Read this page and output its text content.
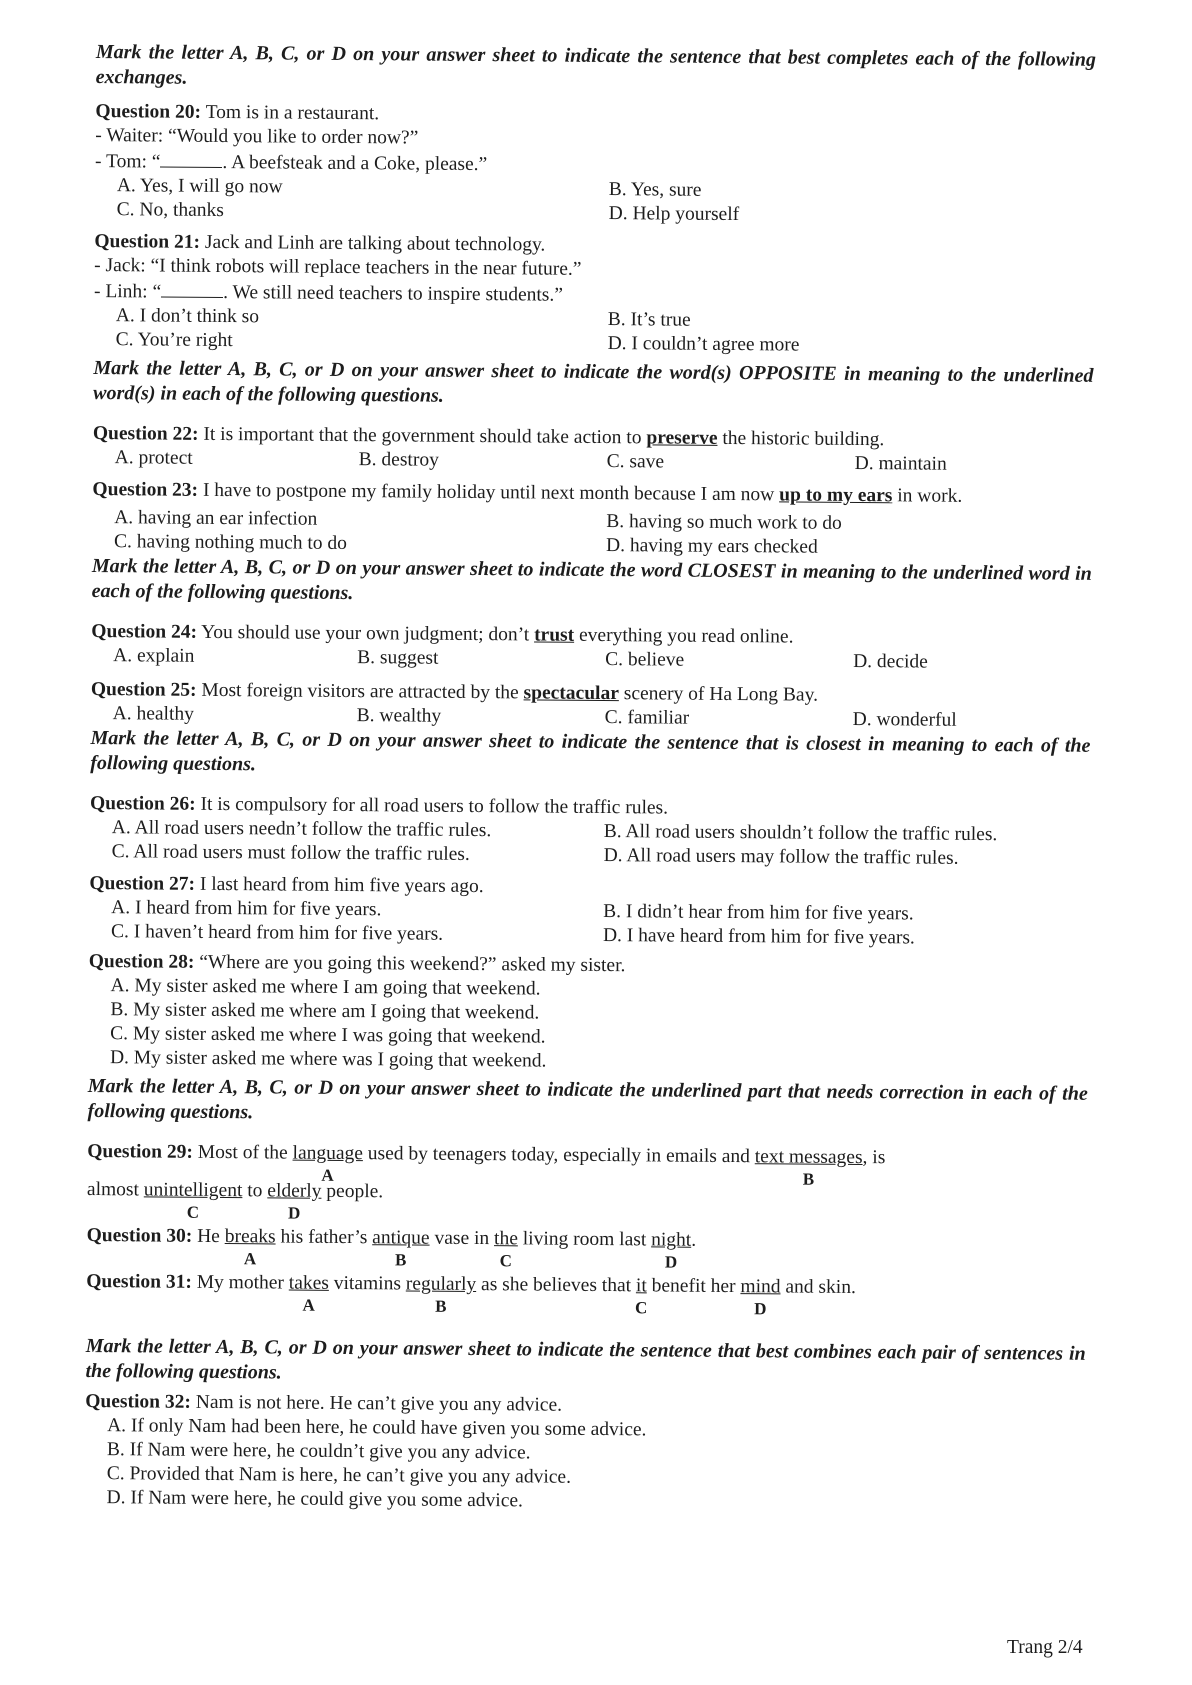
Mark the letter A, B, C, or D on your answer sheet to indicate the sentence that best completes each of the following exchanges.

Question 20: Tom is in a restaurant.
- Waiter: “Would you like to order now?”
- Tom: “	. A beefsteak and a Coke, please.”
A. Yes, I will go now	B. Yes, sure
C. No, thanks	D. Help yourself
Question 21: Jack and Linh are talking about technology.
- Jack: “I think robots will replace teachers in the near future.”
- Linh: “	. We still need teachers to inspire students.”
A. I don’t think so	B. It’s true
C. You’re right	D. I couldn’t agree more

Mark the letter A, B, C, or D on your answer sheet to indicate the word(s) OPPOSITE in meaning to the underlined word(s) in each of the following questions.

Question 22: It is important that the government should take action to preserve the historic building.
A. protect	B. destroy	C. save	D. maintain
Question 23: I have to postpone my family holiday until next month because I am now up to my ears in work.
A. having an ear infection	B. having so much work to do
C. having nothing much to do	D. having my ears checked

Mark the letter A, B, C, or D on your answer sheet to indicate the word CLOSEST in meaning to the underlined word in each of the following questions.

Question 24: You should use your own judgment; don’t trust everything you read online.
A. explain	B. suggest	C. believe	D. decide
Question 25: Most foreign visitors are attracted by the spectacular scenery of Ha Long Bay.
A. healthy	B. wealthy	C. familiar	D. wonderful

Mark the letter A, B, C, or D on your answer sheet to indicate the sentence that is closest in meaning to each of the following questions.

Question 26: It is compulsory for all road users to follow the traffic rules.
A. All road users needn’t follow the traffic rules.	B. All road users shouldn’t follow the traffic rules.
C. All road users must follow the traffic rules.	D. All road users may follow the traffic rules.
Question 27: I last heard from him five years ago.
A. I heard from him for five years.	B. I didn’t hear from him for five years.
C. I haven’t heard from him for five years.	D. I have heard from him for five years.
Question 28: “Where are you going this weekend?” asked my sister.
A. My sister asked me where I am going that weekend.
B. My sister asked me where am I going that weekend.
C. My sister asked me where I was going that weekend.
D. My sister asked me where was I going that weekend.

Mark the letter A, B, C, or D on your answer sheet to indicate the underlined part that needs correction in each of the following questions.

Question 29: Most of the language
A
used by teenagers today, especially in emails and text messages
B
, is
almost unintelligent
C
to elderly
D
people.
Question 30: He breaks
A
his father’s antique
B
vase in the
C
living room last night
D
.
Question 31: My mother takes
A
vitamins regularly
B
as she believes that it
C
benefit her mind
D
and skin.

Mark the letter A, B, C, or D on your answer sheet to indicate the sentence that best combines each pair of sentences in the following questions.

Question 32: Nam is not here. He can’t give you any advice.
A. If only Nam had been here, he could have given you some advice.
B. If Nam were here, he couldn’t give you any advice.
C. Provided that Nam is here, he can’t give you any advice.
D. If Nam were here, he could give you some advice.
Trang 2/4
